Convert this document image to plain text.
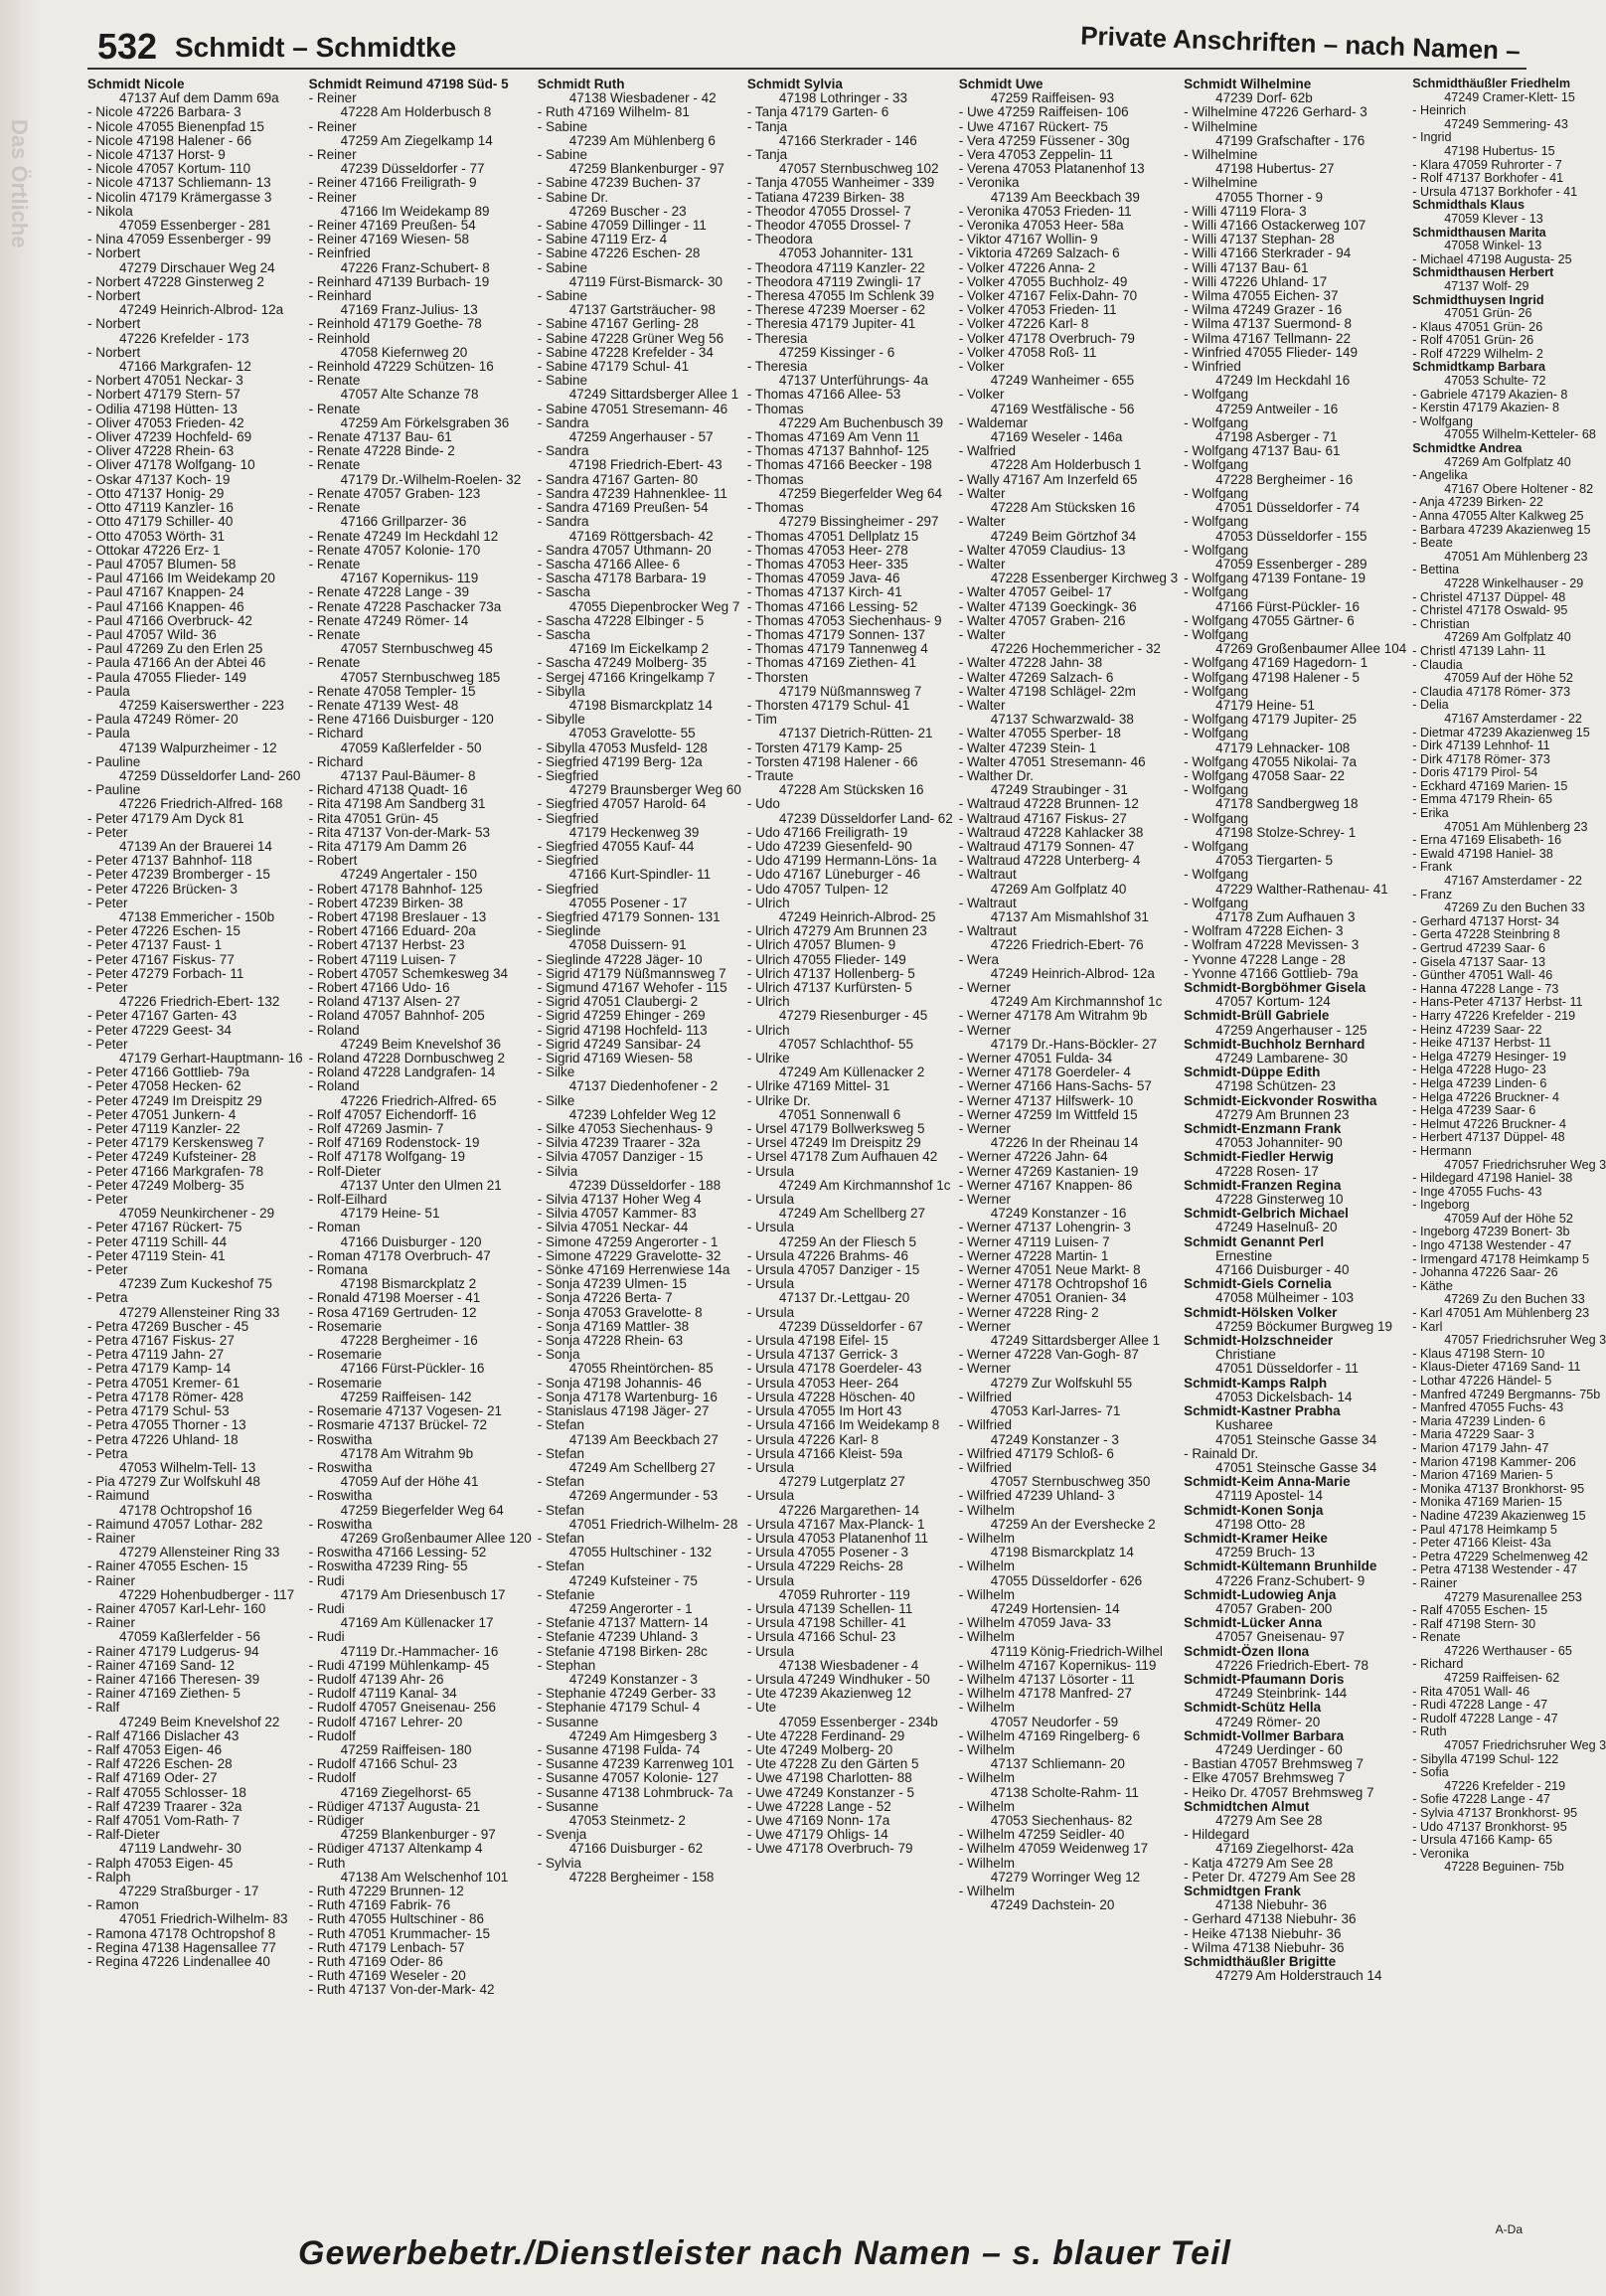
Das Örtliche
532 Schmidt – Schmidtke	Private Anschriften – nach Namen –
Schmidt Nicole
47137 Auf dem Damm 69a
- Nicole 47226 Barbara- 3
- Nicole 47055 Bienenpfad 15
- Nicole 47198 Halener - 66
- Nicole 47137 Horst- 9
- Nicole 47057 Kortum- 110
- Nicole 47137 Schliemann- 13
- Nicolin 47179 Krämergasse 3
- Nikola
47059 Essenberger - 281
- Nina 47059 Essenberger - 99
- Norbert
47279 Dirschauer Weg 24
- Norbert 47228 Ginsterweg 2
- Norbert
47249 Heinrich-Albrod- 12a
- Norbert
47226 Krefelder - 173
- Norbert
47166 Markgrafen- 12
- Norbert 47051 Neckar- 3
- Norbert 47179 Stern- 57
- Odilia 47198 Hütten- 13
- Oliver 47053 Frieden- 42
- Oliver 47239 Hochfeld- 69
- Oliver 47228 Rhein- 63
- Oliver 47178 Wolfgang- 10
- Oskar 47137 Koch- 19
- Otto 47137 Honig- 29
- Otto 47119 Kanzler- 16
- Otto 47179 Schiller- 40
- Otto 47053 Wörth- 31
- Ottokar 47226 Erz- 1
- Paul 47057 Blumen- 58
- Paul 47166 Im Weidekamp 20
- Paul 47167 Knappen- 24
- Paul 47166 Knappen- 46
- Paul 47166 Overbruck- 42
- Paul 47057 Wild- 36
- Paul 47269 Zu den Erlen 25
- Paula 47166 An der Abtei 46
- Paula 47055 Flieder- 149
- Paula
47259 Kaiserswerther - 223
- Paula 47249 Römer- 20
- Paula
47139 Walpurzheimer - 12
- Pauline
47259 Düsseldorfer Land- 260
- Pauline
47226 Friedrich-Alfred- 168
- Peter 47179 Am Dyck 81
- Peter
47139 An der Brauerei 14
- Peter 47137 Bahnhof- 118
- Peter 47239 Bromberger - 15
- Peter 47226 Brücken- 3
- Peter
47138 Emmericher - 150b
- Peter 47226 Eschen- 15
- Peter 47137 Faust- 1
- Peter 47167 Fiskus- 77
- Peter 47279 Forbach- 11
- Peter
47226 Friedrich-Ebert- 132
- Peter 47167 Garten- 43
- Peter 47229 Geest- 34
- Peter
47179 Gerhart-Hauptmann- 16
- Peter 47166 Gottlieb- 79a
- Peter 47058 Hecken- 62
- Peter 47249 Im Dreispitz 29
- Peter 47051 Junkern- 4
- Peter 47119 Kanzler- 22
- Peter 47179 Kerskensweg 7
- Peter 47249 Kufsteiner- 28
- Peter 47166 Markgrafen- 78
- Peter 47249 Molberg- 35
- Peter
47059 Neunkirchener - 29
- Peter 47167 Rückert- 75
- Peter 47119 Schill- 44
- Peter 47119 Stein- 41
- Peter
47239 Zum Kuckeshof 75
- Petra
47279 Allensteiner Ring 33
- Petra 47269 Buscher - 45
- Petra 47167 Fiskus- 27
- Petra 47119 Jahn- 27
- Petra 47179 Kamp- 14
- Petra 47051 Kremer- 61
- Petra 47178 Römer- 428
- Petra 47179 Schul- 53
- Petra 47055 Thorner - 13
- Petra 47226 Uhland- 18
- Petra
47053 Wilhelm-Tell- 13
- Pia 47279 Zur Wolfskuhl 48
- Raimund
47178 Ochtropshof 16
- Raimund 47057 Lothar- 282
- Rainer
47279 Allensteiner Ring 33
- Rainer 47055 Eschen- 15
- Rainer
47229 Hohenbudberger - 117
- Rainer 47057 Karl-Lehr- 160
- Rainer
47059 Kaßlerfelder - 56
- Rainer 47179 Ludgerus- 94
- Rainer 47169 Sand- 12
- Rainer 47166 Theresen- 39
- Rainer 47169 Ziethen- 5
- Ralf
47249 Beim Knevelshof 22
- Ralf 47166 Dislacher 43
- Ralf 47053 Eigen- 46
- Ralf 47226 Eschen- 28
- Ralf 47169 Oder- 27
- Ralf 47055 Schlosser- 18
- Ralf 47239 Traarer - 32a
- Ralf 47051 Vom-Rath- 7
- Ralf-Dieter
47119 Landwehr- 30
- Ralph 47053 Eigen- 45
- Ralph
47229 Straßburger - 17
- Ramon
47051 Friedrich-Wilhelm- 83
- Ramona 47178 Ochtropshof 8
- Regina 47138 Hagensallee 77
- Regina 47226 Lindenallee 40
Schmidt Reimund 47198 Süd- 5
- Reiner
47228 Am Holderbusch 8
- Reiner
47259 Am Ziegelkamp 14
- Reiner
47239 Düsseldorfer - 77
- Reiner 47166 Freiligrath- 9
- Reiner
47166 Im Weidekamp 89
- Reiner 47169 Preußen- 54
- Reiner 47169 Wiesen- 58
- Reinfried
47226 Franz-Schubert- 8
- Reinhard 47139 Burbach- 19
- Reinhard
47169 Franz-Julius- 13
- Reinhold 47179 Goethe- 78
- Reinhold
47058 Kiefernweg 20
- Reinhold 47229 Schützen- 16
- Renate
47057 Alte Schanze 78
- Renate
47259 Am Förkelsgraben 36
- Renate 47137 Bau- 61
- Renate 47228 Binde- 2
- Renate
47179 Dr.-Wilhelm-Roelen- 32
- Renate 47057 Graben- 123
- Renate
47166 Grillparzer- 36
- Renate 47249 Im Heckdahl 12
- Renate 47057 Kolonie- 170
- Renate
47167 Kopernikus- 119
- Renate 47228 Lange - 39
- Renate 47228 Paschacker 73a
- Renate 47249 Römer- 14
- Renate
47057 Sternbuschweg 45
- Renate
47057 Sternbuschweg 185
- Renate 47058 Templer- 15
- Renate 47139 West- 48
- Rene 47166 Duisburger - 120
- Richard
47059 Kaßlerfelder - 50
- Richard
47137 Paul-Bäumer- 8
- Richard 47138 Quadt- 16
- Rita 47198 Am Sandberg 31
- Rita 47051 Grün- 45
- Rita 47137 Von-der-Mark- 53
- Rita 47179 Am Damm 26
- Robert
47249 Angertaler - 150
- Robert 47178 Bahnhof- 125
- Robert 47239 Birken- 38
- Robert 47198 Breslauer - 13
- Robert 47166 Eduard- 20a
- Robert 47137 Herbst- 23
- Robert 47119 Luisen- 7
- Robert 47057 Schemkesweg 34
- Robert 47166 Udo- 16
- Roland 47137 Alsen- 27
- Roland 47057 Bahnhof- 205
- Roland
47249 Beim Knevelshof 36
- Roland 47228 Dornbuschweg 2
- Roland 47228 Landgrafen- 14
- Roland
47226 Friedrich-Alfred- 65
- Rolf 47057 Eichendorff- 16
- Rolf 47269 Jasmin- 7
- Rolf 47169 Rodenstock- 19
- Rolf 47178 Wolfgang- 19
- Rolf-Dieter
47137 Unter den Ulmen 21
- Rolf-Eilhard
47179 Heine- 51
- Roman
47166 Duisburger - 120
- Roman 47178 Overbruch- 47
- Romana
47198 Bismarckplatz 2
- Ronald 47198 Moerser - 41
- Rosa 47169 Gertruden- 12
- Rosemarie
47228 Bergheimer - 16
- Rosemarie
47166 Fürst-Pückler- 16
- Rosemarie
47259 Raiffeisen- 142
- Rosemarie 47137 Vogesen- 21
- Rosmarie 47137 Brückel- 72
- Roswitha
47178 Am Witrahm 9b
- Roswitha
47059 Auf der Höhe 41
- Roswitha
47259 Biegerfelder Weg 64
- Roswitha
47269 Großenbaumer Allee 120
- Roswitha 47166 Lessing- 52
- Roswitha 47239 Ring- 55
- Rudi
47179 Am Driesenbusch 17
- Rudi
47169 Am Küllenacker 17
- Rudi
47119 Dr.-Hammacher- 16
- Rudi 47199 Mühlenkamp- 45
- Rudolf 47139 Ahr- 26
- Rudolf 47119 Kanal- 34
- Rudolf 47057 Gneisenau- 256
- Rudolf 47167 Lehrer- 20
- Rudolf
47259 Raiffeisen- 180
- Rudolf 47166 Schul- 23
- Rudolf
47169 Ziegelhorst- 65
- Rüdiger 47137 Augusta- 21
- Rüdiger
47259 Blankenburger - 97
- Rüdiger 47137 Altenkamp 4
- Ruth
47138 Am Welschenhof 101
- Ruth 47229 Brunnen- 12
- Ruth 47169 Fabrik- 76
- Ruth 47055 Hultschiner - 86
- Ruth 47051 Krummacher- 15
- Ruth 47179 Lenbach- 57
- Ruth 47169 Oder- 86
- Ruth 47169 Weseler - 20
- Ruth 47137 Von-der-Mark- 42
Schmidt Ruth
47138 Wiesbadener - 42
- Ruth 47169 Wilhelm- 81
- Sabine
47239 Am Mühlenberg 6
- Sabine
47259 Blankenburger - 97
- Sabine 47239 Buchen- 37
- Sabine Dr.
47269 Buscher - 23
- Sabine 47059 Dillinger - 11
- Sabine 47119 Erz- 4
- Sabine 47226 Eschen- 28
- Sabine
47119 Fürst-Bismarck- 30
- Sabine
47137 Gartsträucher- 98
- Sabine 47167 Gerling- 28
- Sabine 47228 Grüner Weg 56
- Sabine 47228 Krefelder - 34
- Sabine 47179 Schul- 41
- Sabine
47249 Sittardsberger Allee 1
- Sabine 47051 Stresemann- 46
- Sandra
47259 Angerhauser - 57
- Sandra
47198 Friedrich-Ebert- 43
- Sandra 47167 Garten- 80
- Sandra 47239 Hahnenklee- 11
- Sandra 47169 Preußen- 54
- Sandra
47169 Röttgersbach- 42
- Sandra 47057 Uthmann- 20
- Sascha 47166 Allee- 6
- Sascha 47178 Barbara- 19
- Sascha
47055 Diepenbrocker Weg 7
- Sascha 47228 Elbinger - 5
- Sascha
47169 Im Eickelkamp 2
- Sascha 47249 Molberg- 35
- Sergej 47166 Kringelkamp 7
- Sibylla
47198 Bismarckplatz 14
- Sibylle
47053 Gravelotte- 55
- Sibylla 47053 Musfeld- 128
- Siegfried 47199 Berg- 12a
- Siegfried
47279 Braunsberger Weg 60
- Siegfried 47057 Harold- 64
- Siegfried
47179 Heckenweg 39
- Siegfried 47055 Kauf- 44
- Siegfried
47166 Kurt-Spindler- 11
- Siegfried
47055 Posener - 17
- Siegfried 47179 Sonnen- 131
- Sieglinde
47058 Duissern- 91
- Sieglinde 47228 Jäger- 10
- Sigrid 47179 Nüßmannsweg 7
- Sigmund 47167 Wehofer - 115
- Sigrid 47051 Claubergi- 2
- Sigrid 47259 Ehinger - 269
- Sigrid 47198 Hochfeld- 113
- Sigrid 47249 Sansibar- 24
- Sigrid 47169 Wiesen- 58
- Silke
47137 Diedenhofener - 2
- Silke
47239 Lohfelder Weg 12
- Silke 47053 Siechenhaus- 9
- Silvia 47239 Traarer - 32a
- Silvia 47057 Danziger - 15
- Silvia
47239 Düsseldorfer - 188
- Silvia 47137 Hoher Weg 4
- Silvia 47057 Kammer- 83
- Silvia 47051 Neckar- 44
- Simone 47259 Angerorter - 1
- Simone 47229 Gravelotte- 32
- Sönke 47169 Herrenwiese 14a
- Sonja 47239 Ulmen- 15
- Sonja 47226 Berta- 7
- Sonja 47053 Gravelotte- 8
- Sonja 47169 Mattler- 38
- Sonja 47228 Rhein- 63
- Sonja
47055 Rheintörchen- 85
- Sonja 47198 Johannis- 46
- Sonja 47178 Wartenburg- 16
- Stanislaus 47198 Jäger- 27
- Stefan
47139 Am Beeckbach 27
- Stefan
47249 Am Schellberg 27
- Stefan
47269 Angermunder - 53
- Stefan
47051 Friedrich-Wilhelm- 28
- Stefan
47055 Hultschiner - 132
- Stefan
47249 Kufsteiner - 75
- Stefanie
47259 Angerorter - 1
- Stefanie 47137 Mattern- 14
- Stefanie 47239 Uhland- 3
- Stefanie 47198 Birken- 28c
- Stephan
47249 Konstanzer - 3
- Stephanie 47249 Gerber- 33
- Stephanie 47179 Schul- 4
- Susanne
47249 Am Himgesberg 3
- Susanne 47198 Fulda- 74
- Susanne 47239 Karrenweg 101
- Susanne 47057 Kolonie- 127
- Susanne 47138 Lohmbruck- 7a
- Susanne
47053 Steinmetz- 2
- Svenja
47166 Duisburger - 62
- Sylvia
47228 Bergheimer - 158
Schmidt Sylvia
47198 Lothringer - 33
- Tanja 47179 Garten- 6
- Tanja
47166 Sterkrader - 146
- Tanja
47057 Sternbuschweg 102
- Tanja 47055 Wanheimer - 339
- Tatiana 47239 Birken- 38
- Theodor 47055 Drossel- 7
- Theodor 47055 Drossel- 7
- Theodora
47053 Johanniter- 131
- Theodora 47119 Kanzler- 22
- Theodora 47119 Zwingli- 17
- Theresa 47055 Im Schlenk 39
- Therese 47239 Moerser - 62
- Theresia 47179 Jupiter- 41
- Theresia
47259 Kissinger - 6
- Theresia
47137 Unterführungs- 4a
- Thomas 47166 Allee- 53
- Thomas
47229 Am Buchenbusch 39
- Thomas 47169 Am Venn 11
- Thomas 47137 Bahnhof- 125
- Thomas 47166 Beecker - 198
- Thomas
47259 Biegerfelder Weg 64
- Thomas
47279 Bissingheimer - 297
- Thomas 47051 Dellplatz 15
- Thomas 47053 Heer- 278
- Thomas 47053 Heer- 335
- Thomas 47059 Java- 46
- Thomas 47137 Kirch- 41
- Thomas 47166 Lessing- 52
- Thomas 47053 Siechenhaus- 9
- Thomas 47179 Sonnen- 137
- Thomas 47179 Tannenweg 4
- Thomas 47169 Ziethen- 41
- Thorsten
47179 Nüßmannsweg 7
- Thorsten 47179 Schul- 41
- Tim
47137 Dietrich-Rütten- 21
- Torsten 47179 Kamp- 25
- Torsten 47198 Halener - 66
- Traute
47228 Am Stücksken 16
- Udo
47239 Düsseldorfer Land- 62
- Udo 47166 Freiligrath- 19
- Udo 47239 Giesenfeld- 90
- Udo 47199 Hermann-Löns- 1a
- Udo 47167 Lüneburger - 46
- Udo 47057 Tulpen- 12
- Ulrich
47249 Heinrich-Albrod- 25
- Ulrich 47279 Am Brunnen 23
- Ulrich 47057 Blumen- 9
- Ulrich 47055 Flieder- 149
- Ulrich 47137 Hollenberg- 5
- Ulrich 47137 Kurfürsten- 5
- Ulrich
47279 Riesenburger - 45
- Ulrich
47057 Schlachthof- 55
- Ulrike
47249 Am Küllenacker 2
- Ulrike 47169 Mittel- 31
- Ulrike Dr.
47051 Sonnenwall 6
- Ursel 47179 Bollwerksweg 5
- Ursel 47249 Im Dreispitz 29
- Ursel 47178 Zum Aufhauen 42
- Ursula
47249 Am Kirchmannshof 1c
- Ursula
47249 Am Schellberg 27
- Ursula
47259 An der Fliesch 5
- Ursula 47226 Brahms- 46
- Ursula 47057 Danziger - 15
- Ursula
47137 Dr.-Lettgau- 20
- Ursula
47239 Düsseldorfer - 67
- Ursula 47198 Eifel- 15
- Ursula 47137 Gerrick- 3
- Ursula 47178 Goerdeler- 43
- Ursula 47053 Heer- 264
- Ursula 47228 Höschen- 40
- Ursula 47055 Im Hort 43
- Ursula 47166 Im Weidekamp 8
- Ursula 47226 Karl- 8
- Ursula 47166 Kleist- 59a
- Ursula
47279 Lutgerplatz 27
- Ursula
47226 Margarethen- 14
- Ursula 47167 Max-Planck- 1
- Ursula 47053 Platanenhof 11
- Ursula 47055 Posener - 3
- Ursula 47229 Reichs- 28
- Ursula
47059 Ruhrorter - 119
- Ursula 47139 Schellen- 11
- Ursula 47198 Schiller- 41
- Ursula 47166 Schul- 23
- Ursula
47138 Wiesbadener - 4
- Ursula 47249 Windhuker - 50
- Ute 47239 Akazienweg 12
- Ute
47059 Essenberger - 234b
- Ute 47228 Ferdinand- 29
- Ute 47249 Molberg- 20
- Ute 47228 Zu den Gärten 5
- Uwe 47198 Charlotten- 88
- Uwe 47249 Konstanzer - 5
- Uwe 47228 Lange - 52
- Uwe 47169 Nonn- 17a
- Uwe 47179 Ohligs- 14
- Uwe 47178 Overbruch- 79
Schmidt Uwe
47259 Raiffeisen- 93
- Uwe 47259 Raiffeisen- 106
- Uwe 47167 Rückert- 75
- Vera 47259 Füssener - 30g
- Vera 47053 Zeppelin- 11
- Verena 47053 Platanenhof 13
- Veronika
47139 Am Beeckbach 39
- Veronika 47053 Frieden- 11
- Veronika 47053 Heer- 58a
- Viktor 47167 Wollin- 9
- Viktoria 47269 Salzach- 6
- Volker 47226 Anna- 2
- Volker 47055 Buchholz- 49
- Volker 47167 Felix-Dahn- 70
- Volker 47053 Frieden- 11
- Volker 47226 Karl- 8
- Volker 47178 Overbruch- 79
- Volker 47058 Roß- 11
- Volker
47249 Wanheimer - 655
- Volker
47169 Westfälische - 56
- Waldemar
47169 Weseler - 146a
- Walfried
47228 Am Holderbusch 1
- Wally 47167 Am Inzerfeld 65
- Walter
47228 Am Stücksken 16
- Walter
47249 Beim Görtzhof 34
- Walter 47059 Claudius- 13
- Walter
47228 Essenberger Kirchweg 3
- Walter 47057 Geibel- 17
- Walter 47139 Goeckingk- 36
- Walter 47057 Graben- 216
- Walter
47226 Hochemmericher - 32
- Walter 47228 Jahn- 38
- Walter 47269 Salzach- 6
- Walter 47198 Schlägel- 22m
- Walter
47137 Schwarzwald- 38
- Walter 47055 Sperber- 18
- Walter 47239 Stein- 1
- Walter 47051 Stresemann- 46
- Walther Dr.
47249 Straubinger - 31
- Waltraud 47228 Brunnen- 12
- Waltraud 47167 Fiskus- 27
- Waltraud 47228 Kahlacker 38
- Waltraud 47179 Sonnen- 47
- Waltraud 47228 Unterberg- 4
- Waltraut
47269 Am Golfplatz 40
- Waltraut
47137 Am Mismahlshof 31
- Waltraut
47226 Friedrich-Ebert- 76
- Wera
47249 Heinrich-Albrod- 12a
- Werner
47249 Am Kirchmannshof 1c
- Werner 47178 Am Witrahm 9b
- Werner
47179 Dr.-Hans-Böckler- 27
- Werner 47051 Fulda- 34
- Werner 47178 Goerdeler- 4
- Werner 47166 Hans-Sachs- 57
- Werner 47137 Hilfswerk- 10
- Werner 47259 Im Wittfeld 15
- Werner
47226 In der Rheinau 14
- Werner 47226 Jahn- 64
- Werner 47269 Kastanien- 19
- Werner 47167 Knappen- 86
- Werner
47249 Konstanzer - 16
- Werner 47137 Lohengrin- 3
- Werner 47119 Luisen- 7
- Werner 47228 Martin- 1
- Werner 47051 Neue Markt- 8
- Werner 47178 Ochtropshof 16
- Werner 47051 Oranien- 34
- Werner 47228 Ring- 2
- Werner
47249 Sittardsberger Allee 1
- Werner 47228 Van-Gogh- 87
- Werner
47279 Zur Wolfskuhl 55
- Wilfried
47053 Karl-Jarres- 71
- Wilfried
47249 Konstanzer - 3
- Wilfried 47179 Schloß- 6
- Wilfried
47057 Sternbuschweg 350
- Wilfried 47239 Uhland- 3
- Wilhelm
47259 An der Evershecke 2
- Wilhelm
47198 Bismarckplatz 14
- Wilhelm
47055 Düsseldorfer - 626
- Wilhelm
47249 Hortensien- 14
- Wilhelm 47059 Java- 33
- Wilhelm
47119 König-Friedrich-Wilhel
- Wilhelm 47167 Kopernikus- 119
- Wilhelm 47137 Lösorter - 11
- Wilhelm 47178 Manfred- 27
- Wilhelm
47057 Neudorfer - 59
- Wilhelm 47169 Ringelberg- 6
- Wilhelm
47137 Schliemann- 20
- Wilhelm
47138 Scholte-Rahm- 11
- Wilhelm
47053 Siechenhaus- 82
- Wilhelm 47259 Seidler- 40
- Wilhelm 47059 Weidenweg 17
- Wilhelm
47279 Worringer Weg 12
- Wilhelm
47249 Dachstein- 20
Schmidt Wilhelmine
47239 Dorf- 62b
- Wilhelmine 47226 Gerhard- 3
- Wilhelmine
47199 Grafschafter - 176
- Wilhelmine
47198 Hubertus- 27
- Wilhelmine
47055 Thorner - 9
- Willi 47119 Flora- 3
- Willi 47166 Ostackerweg 107
- Willi 47137 Stephan- 28
- Willi 47166 Sterkrader - 94
- Willi 47137 Bau- 61
- Willi 47226 Uhland- 17
- Wilma 47055 Eichen- 37
- Wilma 47249 Grazer - 16
- Wilma 47137 Suermond- 8
- Wilma 47167 Tellmann- 22
- Winfried 47055 Flieder- 149
- Winfried
47249 Im Heckdahl 16
- Wolfgang
47259 Antweiler - 16
- Wolfgang
47198 Asberger - 71
- Wolfgang 47137 Bau- 61
- Wolfgang
47228 Bergheimer - 16
- Wolfgang
47051 Düsseldorfer - 74
- Wolfgang
47053 Düsseldorfer - 155
- Wolfgang
47059 Essenberger - 289
- Wolfgang 47139 Fontane- 19
- Wolfgang
47166 Fürst-Pückler- 16
- Wolfgang 47055 Gärtner- 6
- Wolfgang
47269 Großenbaumer Allee 104
- Wolfgang 47169 Hagedorn- 1
- Wolfgang 47198 Halener - 5
- Wolfgang
47179 Heine- 51
- Wolfgang 47179 Jupiter- 25
- Wolfgang
47179 Lehnacker- 108
- Wolfgang 47055 Nikolai- 7a
- Wolfgang 47058 Saar- 22
- Wolfgang
47178 Sandbergweg 18
- Wolfgang
47198 Stolze-Schrey- 1
- Wolfgang
47053 Tiergarten- 5
- Wolfgang
47229 Walther-Rathenau- 41
- Wolfgang
47178 Zum Aufhauen 3
- Wolfram 47228 Eichen- 3
- Wolfram 47228 Mevissen- 3
- Yvonne 47228 Lange - 28
- Yvonne 47166 Gottlieb- 79a
Schmidt-Borgböhmer Gisela
47057 Kortum- 124
Schmidt-Brüll Gabriele
47259 Angerhauser - 125
Schmidt-Buchholz Bernhard
47249 Lambarene- 30
Schmidt-Düppe Edith
47198 Schützen- 23
Schmidt-Eickvonder Roswitha
47279 Am Brunnen 23
Schmidt-Enzmann Frank
47053 Johanniter- 90
Schmidt-Fiedler Herwig
47228 Rosen- 17
Schmidt-Franzen Regina
47228 Ginsterweg 10
Schmidt-Gelbrich Michael
47249 Haselnuß- 20
Schmidt Genannt Perl
Ernestine
47166 Duisburger - 40
Schmidt-Giels Cornelia
47058 Mülheimer - 103
Schmidt-Hölsken Volker
47259 Böckumer Burgweg 19
Schmidt-Holzschneider
Christiane
47051 Düsseldorfer - 11
Schmidt-Kamps Ralph
47053 Dickelsbach- 14
Schmidt-Kastner Prabha
Kusharee
47051 Steinsche Gasse 34
- Rainald Dr.
47051 Steinsche Gasse 34
Schmidt-Keim Anna-Marie
47119 Apostel- 14
Schmidt-Konen Sonja
47198 Otto- 28
Schmidt-Kramer Heike
47259 Bruch- 13
Schmidt-Kültemann Brunhilde
47226 Franz-Schubert- 9
Schmidt-Ludowieg Anja
47057 Graben- 200
Schmidt-Lücker Anna
47057 Gneisenau- 97
Schmidt-Özen Ilona
47226 Friedrich-Ebert- 78
Schmidt-Pfaumann Doris
47249 Steinbrink- 144
Schmidt-Schütz Hella
47249 Römer- 20
Schmidt-Vollmer Barbara
47249 Uerdinger - 60
- Bastian 47057 Brehmsweg 7
- Elke 47057 Brehmsweg 7
- Heiko Dr. 47057 Brehmsweg 7
Schmidtchen Almut
47279 Am See 28
- Hildegard
47169 Ziegelhorst- 42a
- Katja 47279 Am See 28
- Peter Dr. 47279 Am See 28
Schmidtgen Frank
47138 Niebuhr- 36
- Gerhard 47138 Niebuhr- 36
- Heike 47138 Niebuhr- 36
- Wilma 47138 Niebuhr- 36
Schmidthäußler Brigitte
47279 Am Holderstrauch 14
Schmidthäußler Friedhelm
47249 Cramer-Klett- 15
- Heinrich
47249 Semmering- 43
- Ingrid
47198 Hubertus- 15
- Klara 47059 Ruhrorter - 7
- Rolf 47137 Borkhofer - 41
- Ursula 47137 Borkhofer - 41
Schmidthals Klaus
47059 Klever - 13
Schmidthausen Marita
47058 Winkel- 13
- Michael 47198 Augusta- 25
Schmidthausen Herbert
47137 Wolf- 29
Schmidthuysen Ingrid
47051 Grün- 26
- Klaus 47051 Grün- 26
- Rolf 47051 Grün- 26
- Rolf 47229 Wilhelm- 2
Schmidtkamp Barbara
47053 Schulte- 72
- Gabriele 47179 Akazien- 8
- Kerstin 47179 Akazien- 8
- Wolfgang
47055 Wilhelm-Ketteler- 68
Schmidtke Andrea
47269 Am Golfplatz 40
- Angelika
47167 Obere Holtener - 82
- Anja 47239 Birken- 22
- Anna 47055 Alter Kalkweg 25
- Barbara 47239 Akazienweg 15
- Beate
47051 Am Mühlenberg 23
- Bettina
47228 Winkelhauser - 29
- Christel 47137 Düppel- 48
- Christel 47178 Oswald- 95
- Christian
47269 Am Golfplatz 40
- Christl 47139 Lahn- 11
- Claudia
47059 Auf der Höhe 52
- Claudia 47178 Römer- 373
- Delia
47167 Amsterdamer - 22
- Dietmar 47239 Akazienweg 15
- Dirk 47139 Lehnhof- 11
- Dirk 47178 Römer- 373
- Doris 47179 Pirol- 54
- Eckhard 47169 Marien- 15
- Emma 47179 Rhein- 65
- Erika
47051 Am Mühlenberg 23
- Erna 47169 Elisabeth- 16
- Ewald 47198 Haniel- 38
- Frank
47167 Amsterdamer - 22
- Franz
47269 Zu den Buchen 33
- Gerhard 47137 Horst- 34
- Gerta 47228 Steinbring 8
- Gertrud 47239 Saar- 6
- Gisela 47137 Saar- 13
- Günther 47051 Wall- 46
- Hanna 47228 Lange - 73
- Hans-Peter 47137 Herbst- 11
- Harry 47226 Krefelder - 219
- Heinz 47239 Saar- 22
- Heike 47137 Herbst- 11
- Helga 47279 Hesinger- 19
- Helga 47228 Hugo- 23
- Helga 47239 Linden- 6
- Helga 47226 Bruckner- 4
- Helga 47239 Saar- 6
- Helmut 47226 Bruckner- 4
- Herbert 47137 Düppel- 48
- Hermann
47057 Friedrichsruher Weg 3
- Hildegard 47198 Haniel- 38
- Inge 47055 Fuchs- 43
- Ingeborg
47059 Auf der Höhe 52
- Ingeborg 47239 Bonert- 3b
- Ingo 47138 Westender - 47
- Irmengard 47178 Heimkamp 5
- Johanna 47226 Saar- 26
- Käthe
47269 Zu den Buchen 33
- Karl 47051 Am Mühlenberg 23
- Karl
47057 Friedrichsruher Weg 3
- Klaus 47198 Stern- 10
- Klaus-Dieter 47169 Sand- 11
- Lothar 47226 Händel- 5
- Manfred 47249 Bergmanns- 75b
- Manfred 47055 Fuchs- 43
- Maria 47239 Linden- 6
- Maria 47229 Saar- 3
- Marion 47179 Jahn- 47
- Marion 47198 Kammer- 206
- Marion 47169 Marien- 5
- Monika 47137 Bronkhorst- 95
- Monika 47169 Marien- 15
- Nadine 47239 Akazienweg 15
- Paul 47178 Heimkamp 5
- Peter 47166 Kleist- 43a
- Petra 47229 Schelmenweg 42
- Petra 47138 Westender - 47
- Rainer
47279 Masurenallee 253
- Ralf 47055 Eschen- 15
- Ralf 47198 Stern- 30
- Renate
47226 Werthauser - 65
- Richard
47259 Raiffeisen- 62
- Rita 47051 Wall- 46
- Rudi 47228 Lange - 47
- Rudolf 47228 Lange - 47
- Ruth
47057 Friedrichsruher Weg 3
- Sibylla 47199 Schul- 122
- Sofia
47226 Krefelder - 219
- Sofie 47228 Lange - 47
- Sylvia 47137 Bronkhorst- 95
- Udo 47137 Bronkhorst- 95
- Ursula 47166 Kamp- 65
- Veronika
47228 Beguinen- 75b
Gewerbebetr./Dienstleister nach Namen – s. blauer Teil
A-Da
